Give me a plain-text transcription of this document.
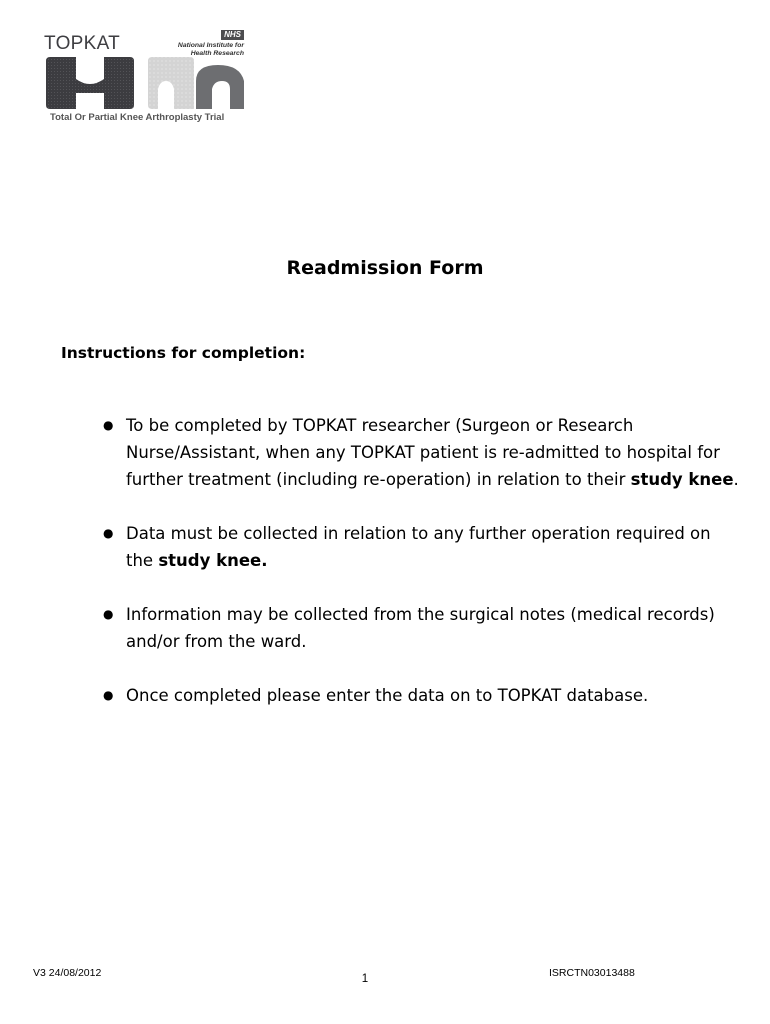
TOPKAT	NHS
National Institute for
Health Research
Total Or Partial Knee Arthroplasty Trial
Readmission Form
Instructions for completion:
● To be completed by TOPKAT researcher (Surgeon or Research Nurse/Assistant, when any TOPKAT patient is re-admitted to hospital for further treatment (including re-operation) in relation to their study knee.
● Data must be collected in relation to any further operation required on the study knee.
● Information may be collected from the surgical notes (medical records) and/or from the ward.
● Once completed please enter the data on to TOPKAT database.
V3 24/08/2012	1	ISRCTN03013488
